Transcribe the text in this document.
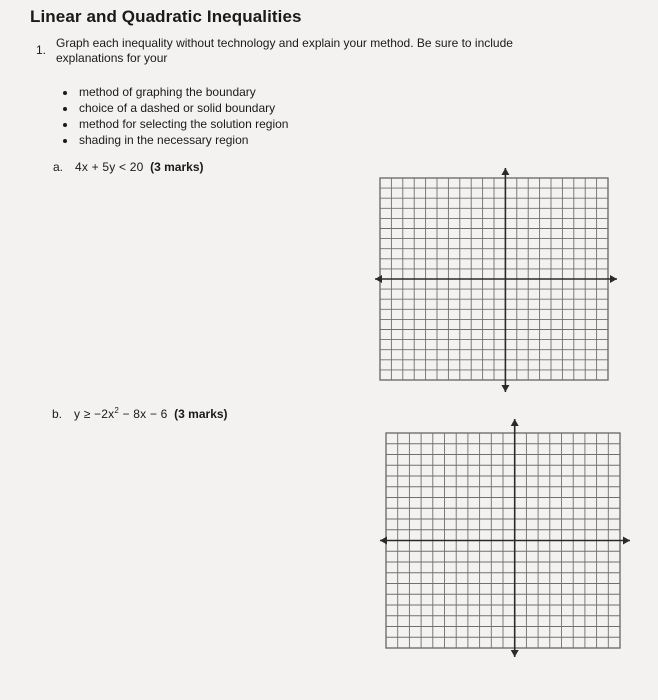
Linear and Quadratic Inequalities
1. Graph each inequality without technology and explain your method. Be sure to include explanations for your
• method of graphing the boundary
• choice of a dashed or solid boundary
• method for selecting the solution region
• shading in the necessary region
a. 4x + 5y < 20 (3 marks)
b. $y \ge -2x^2 - 8x - 6$ (3 marks)
